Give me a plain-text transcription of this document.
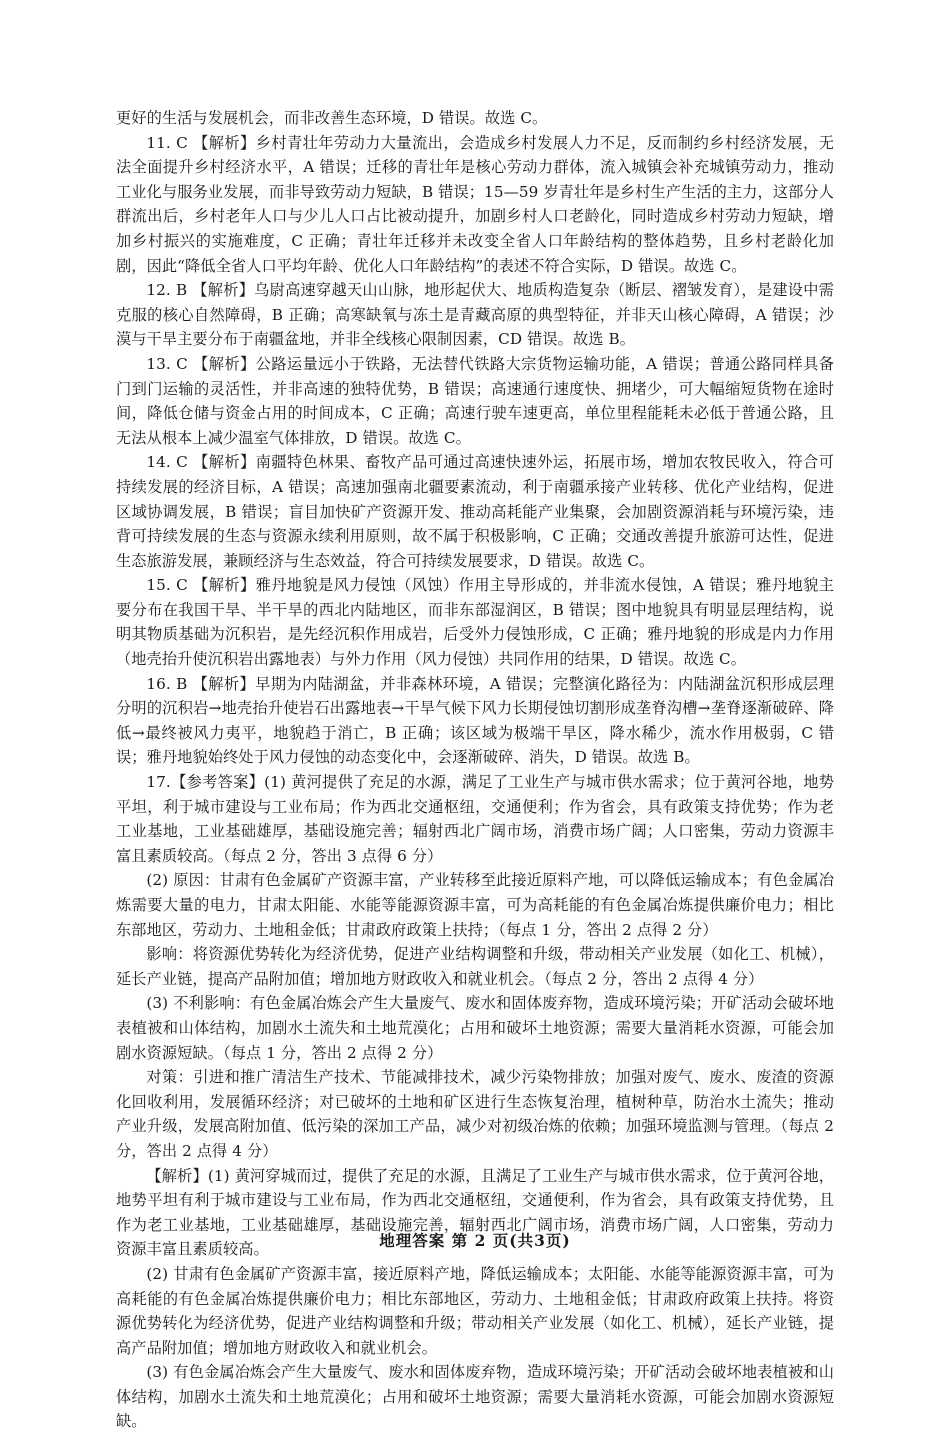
更好的生活与发展机会，而非改善生态环境，D 错误。故选 C。

11. C 【解析】乡村青壮年劳动力大量流出，会造成乡村发展人力不足，反而制约乡村经济发展，无法全面提升乡村经济水平，A 错误；迁移的青壮年是核心劳动力群体，流入城镇会补充城镇劳动力，推动工业化与服务业发展，而非导致劳动力短缺，B 错误；15—59 岁青壮年是乡村生产生活的主力，这部分人群流出后，乡村老年人口与少儿人口占比被动提升，加剧乡村人口老龄化，同时造成乡村劳动力短缺，增加乡村振兴的实施难度，C 正确；青壮年迁移并未改变全省人口年龄结构的整体趋势，且乡村老龄化加剧，因此“降低全省人口平均年龄、优化人口年龄结构”的表述不符合实际，D 错误。故选 C。

12. B 【解析】乌尉高速穿越天山山脉，地形起伏大、地质构造复杂（断层、褶皱发育），是建设中需克服的核心自然障碍，B 正确；高寒缺氧与冻土是青藏高原的典型特征，并非天山核心障碍，A 错误；沙漠与干旱主要分布于南疆盆地，并非全线核心限制因素，CD 错误。故选 B。

13. C 【解析】公路运量远小于铁路，无法替代铁路大宗货物运输功能，A 错误；普通公路同样具备门到门运输的灵活性，并非高速的独特优势，B 错误；高速通行速度快、拥堵少，可大幅缩短货物在途时间，降低仓储与资金占用的时间成本，C 正确；高速行驶车速更高，单位里程能耗未必低于普通公路，且无法从根本上减少温室气体排放，D 错误。故选 C。

14. C 【解析】南疆特色林果、畜牧产品可通过高速快速外运，拓展市场，增加农牧民收入，符合可持续发展的经济目标，A 错误；高速加强南北疆要素流动，利于南疆承接产业转移、优化产业结构，促进区域协调发展，B 错误；盲目加快矿产资源开发、推动高耗能产业集聚，会加剧资源消耗与环境污染，违背可持续发展的生态与资源永续利用原则，故不属于积极影响，C 正确；交通改善提升旅游可达性，促进生态旅游发展，兼顾经济与生态效益，符合可持续发展要求，D 错误。故选 C。

15. C 【解析】雅丹地貌是风力侵蚀（风蚀）作用主导形成的，并非流水侵蚀，A 错误；雅丹地貌主要分布在我国干旱、半干旱的西北内陆地区，而非东部湿润区，B 错误；图中地貌具有明显层理结构，说明其物质基础为沉积岩，是先经沉积作用成岩，后受外力侵蚀形成，C 正确；雅丹地貌的形成是内力作用（地壳抬升使沉积岩出露地表）与外力作用（风力侵蚀）共同作用的结果，D 错误。故选 C。

16. B 【解析】早期为内陆湖盆，并非森林环境，A 错误；完整演化路径为：内陆湖盆沉积形成层理分明的沉积岩→地壳抬升使岩石出露地表→干旱气候下风力长期侵蚀切割形成垄脊沟槽→垄脊逐渐破碎、降低→最终被风力夷平，地貌趋于消亡，B 正确；该区域为极端干旱区，降水稀少，流水作用极弱，C 错误；雅丹地貌始终处于风力侵蚀的动态变化中，会逐渐破碎、消失，D 错误。故选 B。

17.【参考答案】(1) 黄河提供了充足的水源，满足了工业生产与城市供水需求；位于黄河谷地，地势平坦，利于城市建设与工业布局；作为西北交通枢纽，交通便利；作为省会，具有政策支持优势；作为老工业基地，工业基础雄厚，基础设施完善；辐射西北广阔市场，消费市场广阔；人口密集，劳动力资源丰富且素质较高。（每点 2 分，答出 3 点得 6 分）

(2) 原因：甘肃有色金属矿产资源丰富，产业转移至此接近原料产地，可以降低运输成本；有色金属冶炼需要大量的电力，甘肃太阳能、水能等能源资源丰富，可为高耗能的有色金属冶炼提供廉价电力；相比东部地区，劳动力、土地租金低；甘肃政府政策上扶持；（每点 1 分，答出 2 点得 2 分）

影响：将资源优势转化为经济优势，促进产业结构调整和升级，带动相关产业发展（如化工、机械），延长产业链，提高产品附加值；增加地方财政收入和就业机会。（每点 2 分，答出 2 点得 4 分）

(3) 不利影响：有色金属冶炼会产生大量废气、废水和固体废弃物，造成环境污染；开矿活动会破坏地表植被和山体结构，加剧水土流失和土地荒漠化；占用和破坏土地资源；需要大量消耗水资源，可能会加剧水资源短缺。（每点 1 分，答出 2 点得 2 分）

对策：引进和推广清洁生产技术、节能减排技术，减少污染物排放；加强对废气、废水、废渣的资源化回收利用，发展循环经济；对已破坏的土地和矿区进行生态恢复治理，植树种草，防治水土流失；推动产业升级，发展高附加值、低污染的深加工产品，减少对初级冶炼的依赖；加强环境监测与管理。（每点 2 分，答出 2 点得 4 分）

【解析】(1) 黄河穿城而过，提供了充足的水源，且满足了工业生产与城市供水需求，位于黄河谷地，地势平坦有利于城市建设与工业布局，作为西北交通枢纽，交通便利，作为省会，具有政策支持优势，且作为老工业基地，工业基础雄厚，基础设施完善，辐射西北广阔市场，消费市场广阔，人口密集，劳动力资源丰富且素质较高。

(2) 甘肃有色金属矿产资源丰富，接近原料产地，降低运输成本；太阳能、水能等能源资源丰富，可为高耗能的有色金属冶炼提供廉价电力；相比东部地区，劳动力、土地租金低；甘肃政府政策上扶持。将资源优势转化为经济优势，促进产业结构调整和升级；带动相关产业发展（如化工、机械），延长产业链，提高产品附加值；增加地方财政收入和就业机会。

(3) 有色金属冶炼会产生大量废气、废水和固体废弃物，造成环境污染；开矿活动会破坏地表植被和山体结构，加剧水土流失和土地荒漠化；占用和破坏土地资源；需要大量消耗水资源，可能会加剧水资源短缺。

地理答案 第 2 页(共3页)
